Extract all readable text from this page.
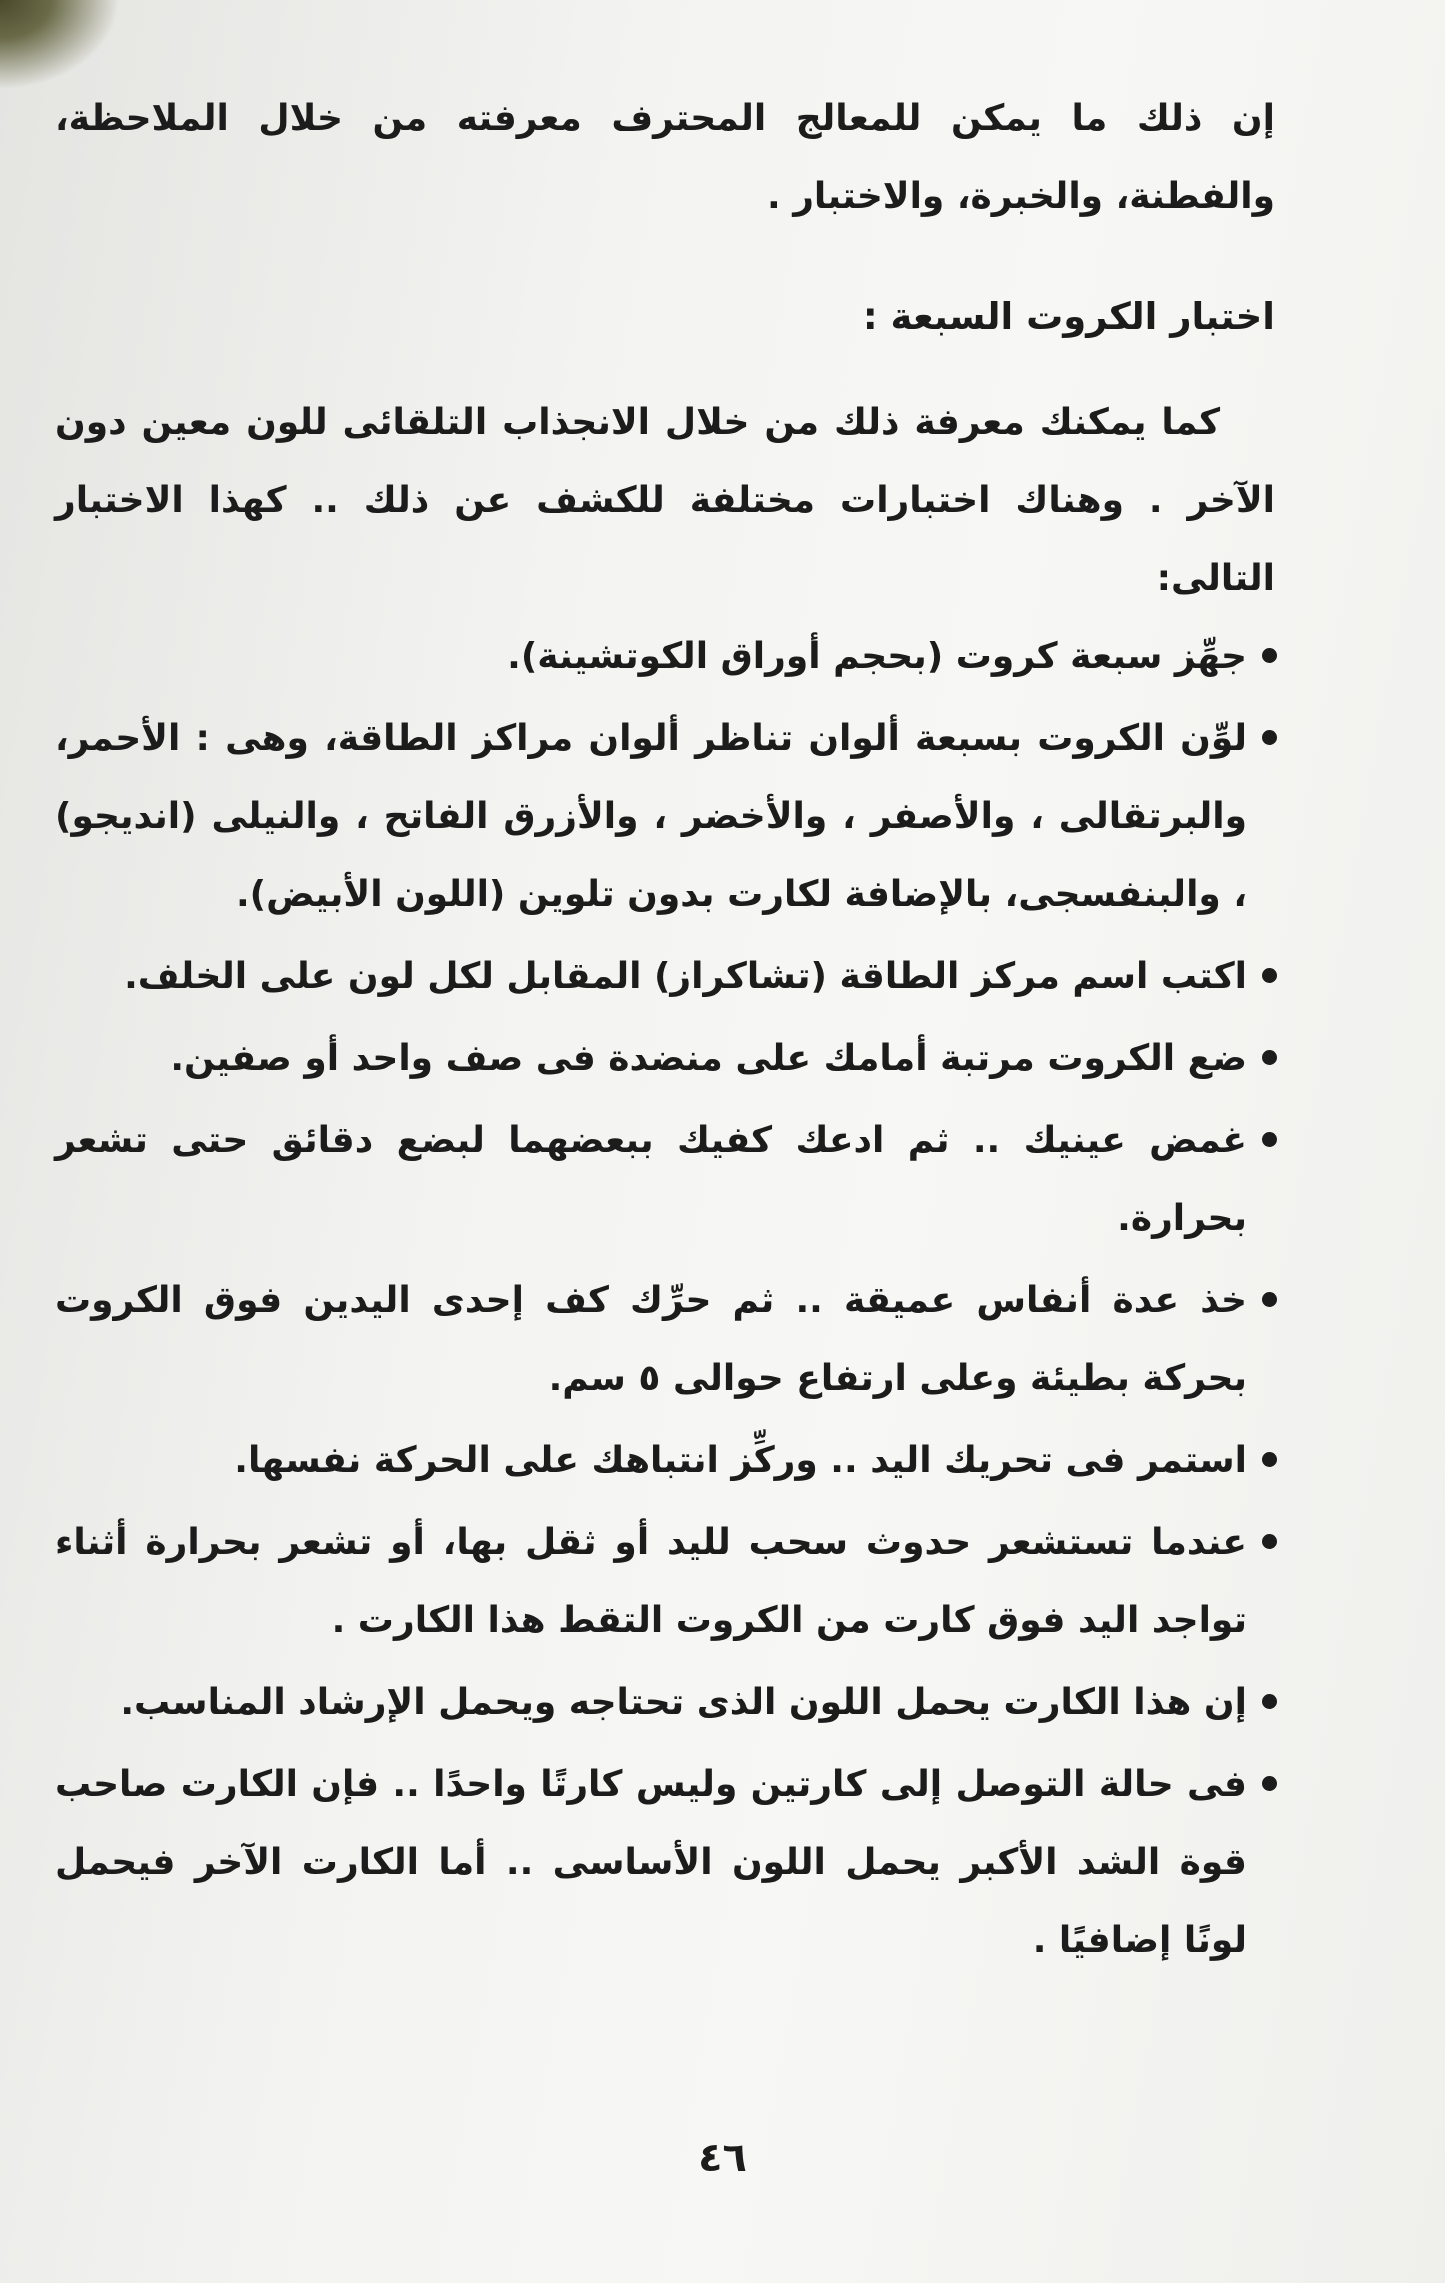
إن ذلك ما يمكن للمعالج المحترف معرفته من خلال الملاحظة، والفطنة، والخبرة، والاختبار .

اختبار الكروت السبعة :

كما يمكنك معرفة ذلك من خلال الانجذاب التلقائى للون معين دون الآخر . وهناك اختبارات مختلفة للكشف عن ذلك .. كهذا الاختبار التالى:

جهِّز سبعة كروت (بحجم أوراق الكوتشينة).
لوِّن الكروت بسبعة ألوان تناظر ألوان مراكز الطاقة، وهى : الأحمر، والبرتقالى ، والأصفر ، والأخضر ، والأزرق الفاتح ، والنيلى (انديجو) ، والبنفسجى، بالإضافة لكارت بدون تلوين (اللون الأبيض).
اكتب اسم مركز الطاقة (تشاكراز) المقابل لكل لون على الخلف.
ضع الكروت مرتبة أمامك على منضدة فى صف واحد أو صفين.
غمض عينيك .. ثم ادعك كفيك ببعضهما لبضع دقائق حتى تشعر بحرارة.
خذ عدة أنفاس عميقة .. ثم حرِّك كف إحدى اليدين فوق الكروت بحركة بطيئة وعلى ارتفاع حوالى ٥ سم.
استمر فى تحريك اليد .. وركِّز انتباهك على الحركة نفسها.
عندما تستشعر حدوث سحب لليد أو ثقل بها، أو تشعر بحرارة أثناء تواجد اليد فوق كارت من الكروت التقط هذا الكارت .
إن هذا الكارت يحمل اللون الذى تحتاجه ويحمل الإرشاد المناسب.
فى حالة التوصل إلى كارتين وليس كارتًا واحدًا .. فإن الكارت صاحب قوة الشد الأكبر يحمل اللون الأساسى .. أما الكارت الآخر فيحمل لونًا إضافيًا .
٤٦
